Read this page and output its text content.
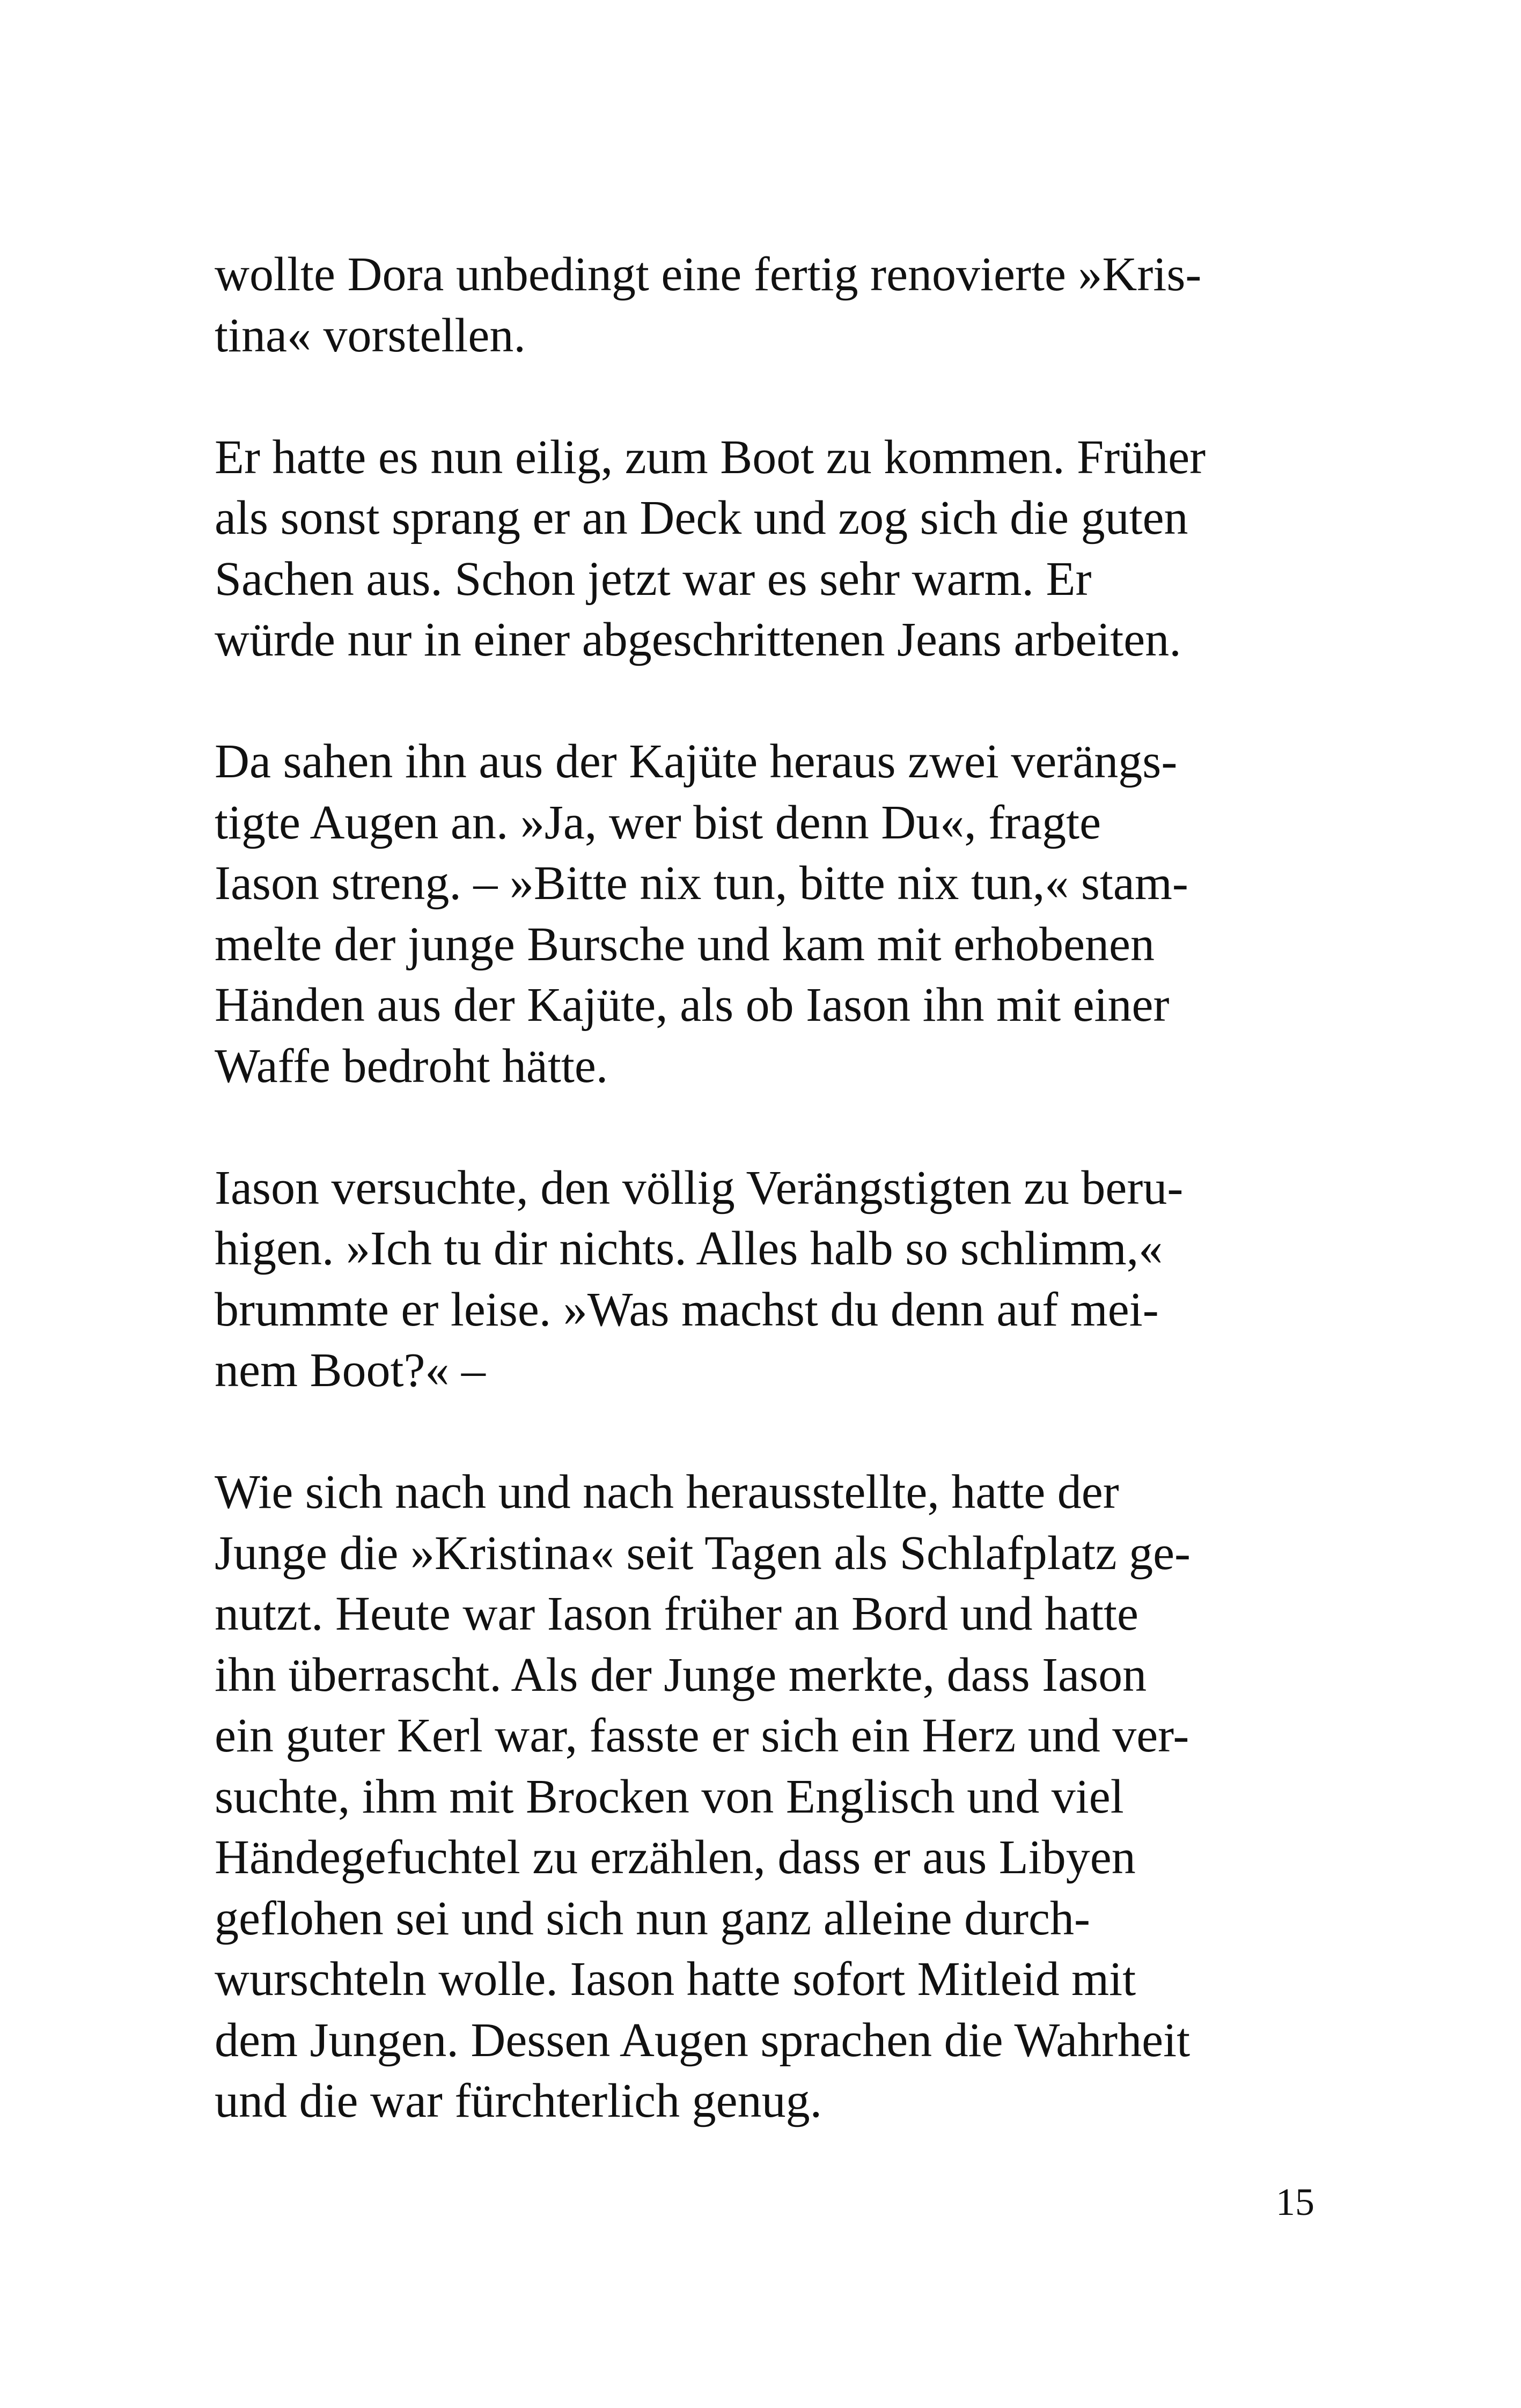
wollte Dora unbedingt eine fertig renovierte »Kris-
tina« vorstellen.
Er hatte es nun eilig, zum Boot zu kommen. Früher
als sonst sprang er an Deck und zog sich die guten
Sachen aus. Schon jetzt war es sehr warm. Er
würde nur in einer abgeschrittenen Jeans arbeiten.
Da sahen ihn aus der Kajüte heraus zwei verängs-
tigte Augen an. »Ja, wer bist denn Du«, fragte
Iason streng. – »Bitte nix tun, bitte nix tun,« stam-
melte der junge Bursche und kam mit erhobenen
Händen aus der Kajüte, als ob Iason ihn mit einer
Waffe bedroht hätte.
Iason versuchte, den völlig Verängstigten zu beru-
higen. »Ich tu dir nichts. Alles halb so schlimm,«
brummte er leise. »Was machst du denn auf mei-
nem Boot?« –
Wie sich nach und nach herausstellte, hatte der
Junge die »Kristina« seit Tagen als Schlafplatz ge-
nutzt. Heute war Iason früher an Bord und hatte
ihn überrascht. Als der Junge merkte, dass Iason
ein guter Kerl war, fasste er sich ein Herz und ver-
suchte, ihm mit Brocken von Englisch und viel
Händegefuchtel zu erzählen, dass er aus Libyen
geflohen sei und sich nun ganz alleine durch-
wurschteln wolle. Iason hatte sofort Mitleid mit
dem Jungen. Dessen Augen sprachen die Wahrheit
und die war fürchterlich genug.
15
